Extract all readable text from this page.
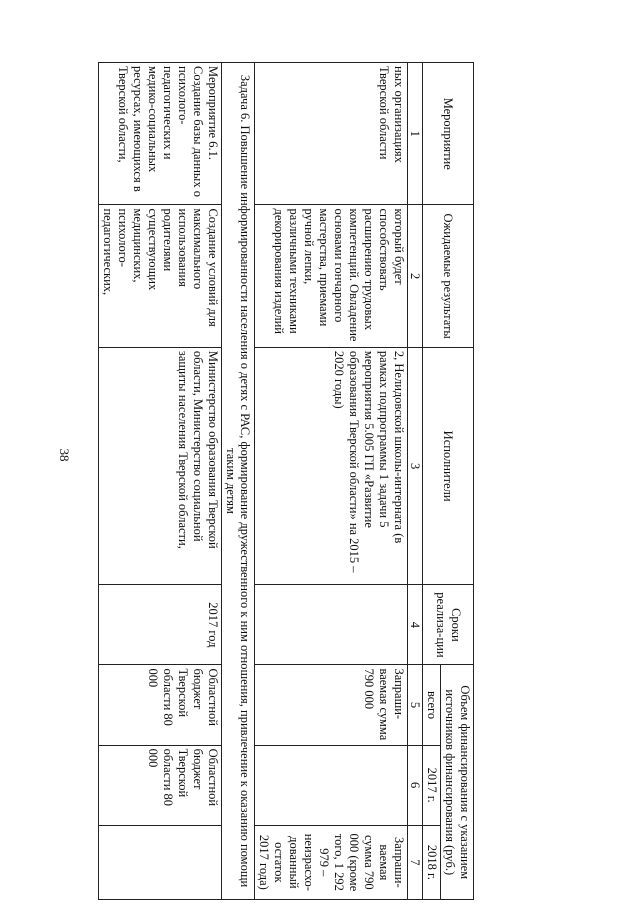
38
Мероприятие	Ожидаемые результаты	Исполнители	Сроки реализа-ции	Объем финансирования с указанием источников финансирования (руб.)		
				всего	2017 г.	2018 г.
1	2	3	4	5	6	7
ных организациях Тверской области	который будет способствовать расширению трудовых компетенций. Овладение основами гончарного мастерства, приемами ручной лепки, различными техниками декорирования изделий	2, Нелидовской школы-интерната (в рамках подпрограммы 1 задачи 5 мероприятия 5.005 ГП «Развитие образования Тверской области» на 2015 – 2020 годы)		Запраши-ваемая сумма 790 000		Запраши-ваемая сумма 790 000 (кроме того, 1 292 979 – неизрасхо-дованный остаток 2017 года)
Задача 6. Повышение информированности населения о детях с РАС, формирование дружественного к ним отношения, привлечение к оказанию помощи таким детям						
Мероприятие 6.1. Создание базы данных о психолого-педагогических и медико-социальных ресурсах, имеющихся в Тверской области,	Создание условий для максимального использования родителями существующих медицинских, психолого-педагогических,	Министерство образования Тверской области, Министерство социальной защиты населения Тверской области,	2017 год	Областной бюджет Тверской области 80 000	Областной бюджет Тверской области 80 000	
